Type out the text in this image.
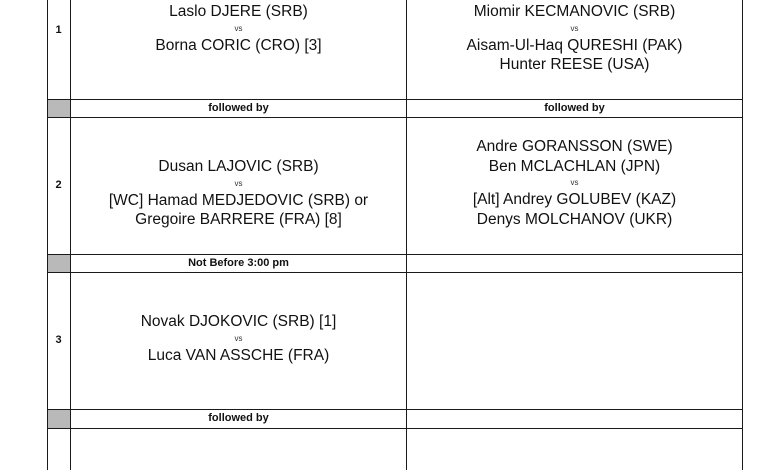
1
Laslo DJERE (SRB)
vs
Borna CORIC (CRO) [3]
Miomir KECMANOVIC (SRB)
vs
Aisam-Ul-Haq QURESHI (PAK)
Hunter REESE (USA)
followed by	followed by
2
Dusan LAJOVIC (SRB)
vs
[WC] Hamad MEDJEDOVIC (SRB) or
Gregoire BARRERE (FRA) [8]
Andre GORANSSON (SWE)
Ben MCLACHLAN (JPN)
vs
[Alt] Andrey GOLUBEV (KAZ)
Denys MOLCHANOV (UKR)
Not Before 3:00 pm
3
Novak DJOKOVIC (SRB) [1]
vs
Luca VAN ASSCHE (FRA)
followed by
